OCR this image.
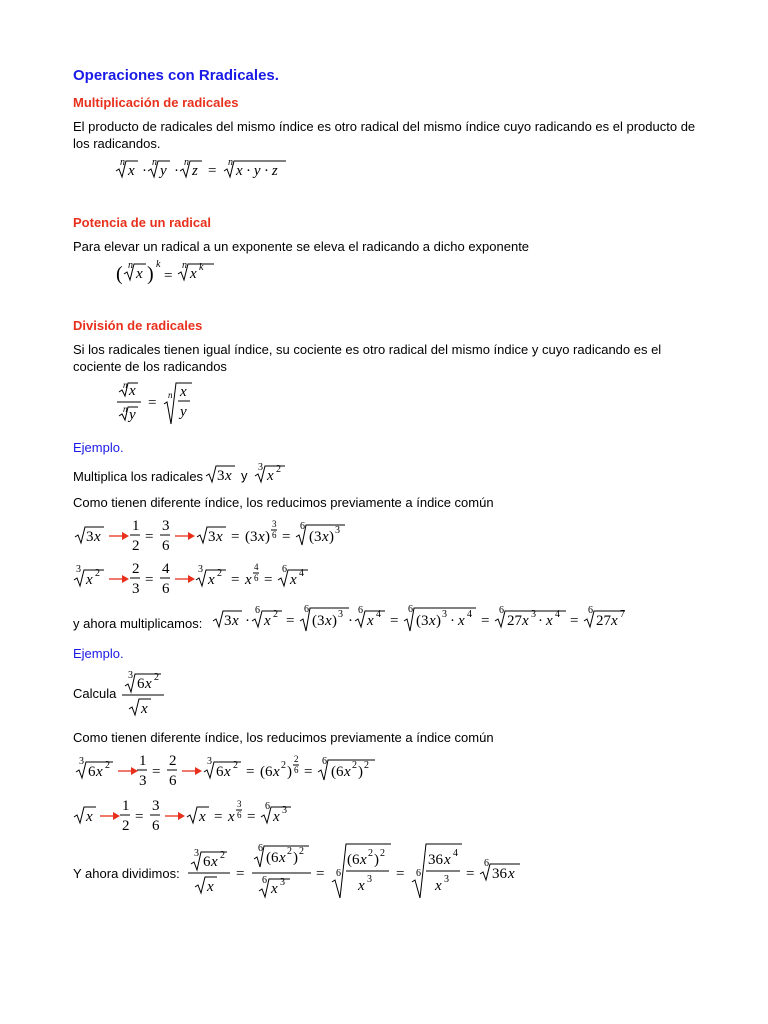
Operaciones con Rradicales.
Multiplicación de radicales
El producto de radicales del mismo índice es otro radical del mismo índice cuyo radicando es el producto de los radicandos.
n
x ·
n
y ·
n
z =
n
x · y · z
Potencia de un radical
Para elevar un radical a un exponente se eleva el radicando a dicho exponente
( n
x ) k
=
n
x k
División de radicales
Si los radicales tienen igual índice, su cociente es otro radical del mismo índice y cuyo radicando es el cociente de los radicandos
n x
n y
= n x
y
Ejemplo.
Multiplica los radicales 3 x y
3
x 2
Como tienen diferente índice, los reducimos previamente a índice común
3 x
1
2
=
3
6
3 x = (3 x )
3
6 =
6
(3 x ) 3
3
x 2 2
3
=
4
6
3
x 2 = x
4
6 =
6
x 4
y ahora multiplicamos: 3 x ·
6
x 2 =
6
(3 x ) 3 ·
6
x 4 =
6
(3 x ) 3 · x 4 =
6
27 x 3 · x 4 =
6
27 x 7
Ejemplo.
Calcula
3
6 x 2
x
Como tienen diferente índice, los reducimos previamente a índice común
3
6 x 2 1
3
=
2
6
3
6 x 2 = (6 x 2 )
2
6 =
6
(6 x 2 ) 2
x
1
2
=
3
6
x = x
3
6 =
6
x 3
Y ahora dividimos:
3
6 x 2
x
=
6
(6 x 2 ) 2
6
x 3
= 6
(6 x 2 ) 2
x 3 = 6
36 x 4
x 3 =
6
36 x
